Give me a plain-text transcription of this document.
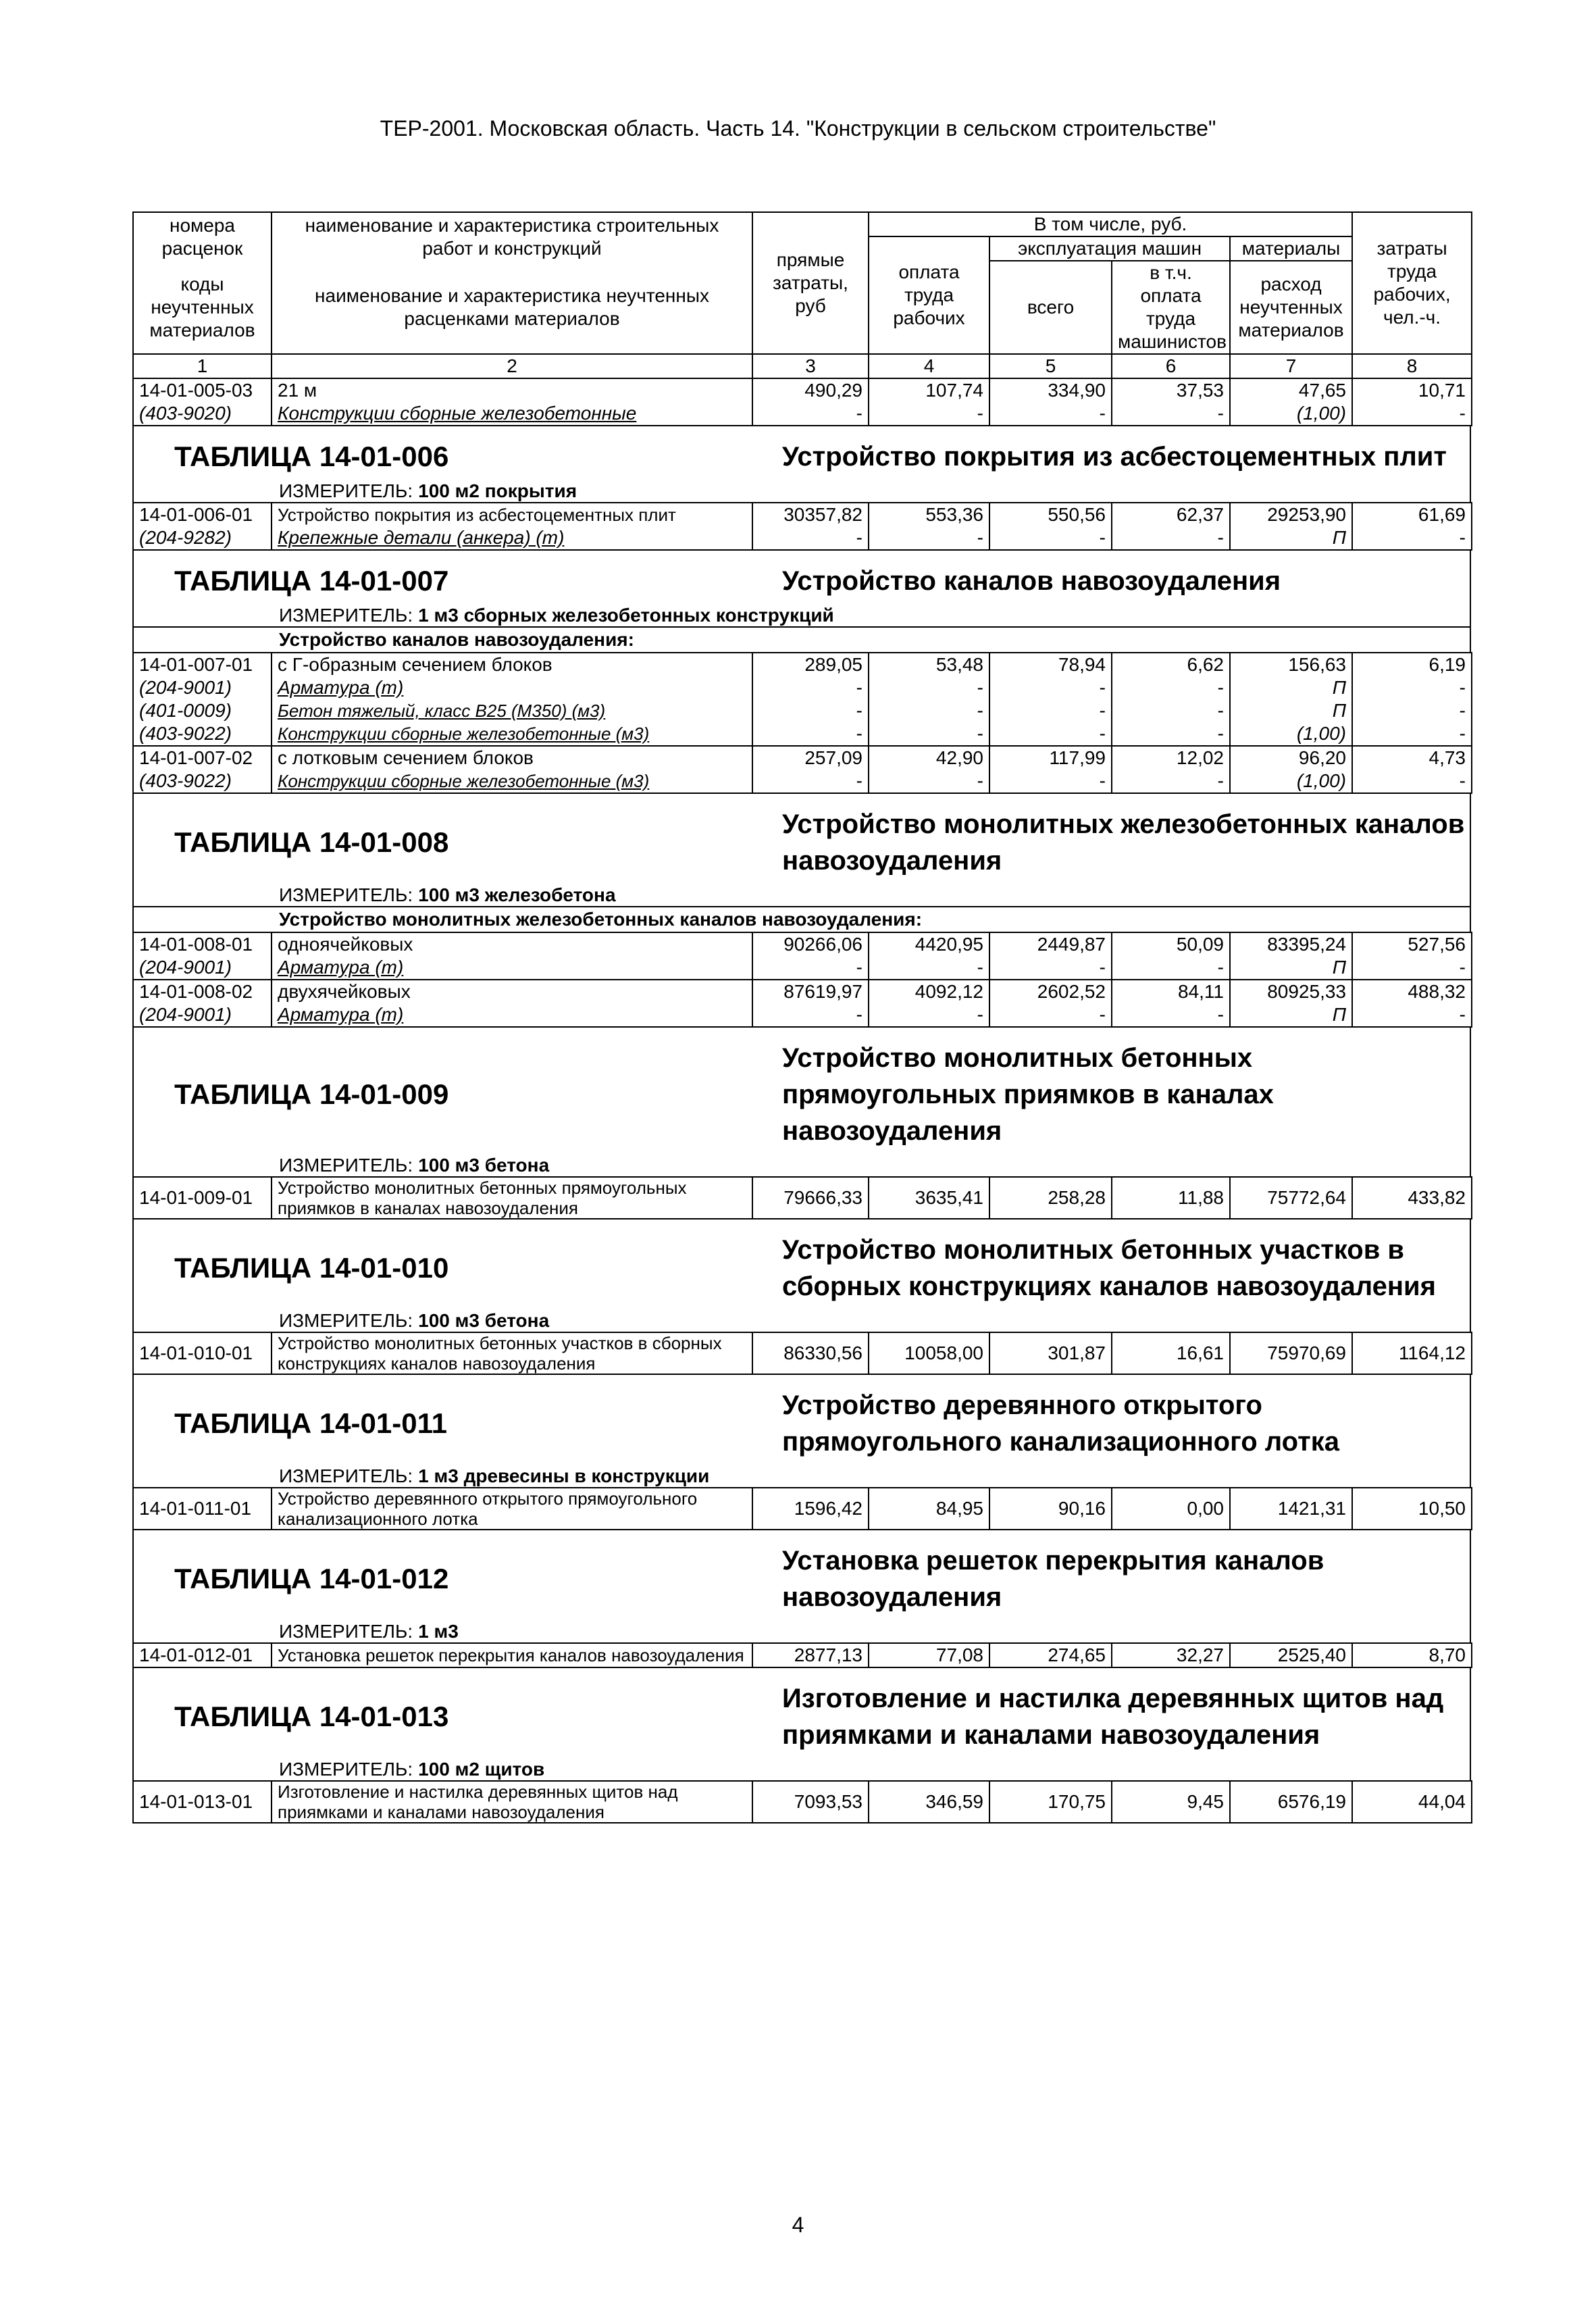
ТЕР-2001. Московская область. Часть 14. "Конструкции в сельском строительстве"
номера расценок	наименование и характеристика строительных работ и конструкций	прямые затраты, руб	В том числе, руб.				затраты труда рабочих, чел.-ч.
			оплата труда рабочих	эксплуатация машин		материалы	
коды неучтенных материалов	наименование и характеристика неучтенных расценками материалов			всего	в т.ч. оплата труда машинистов	расход неучтенных материалов	
1	2	3	4	5	6	7	8
14-01-005-03	21 м	490,29	107,74	334,90	37,53	47,65	10,71
(403-9020)	Конструкции сборные железобетонные	-	-	-	-	(1,00)	-
ТАБЛИЦА 14-01-006	Устройство покрытия из асбестоцементных плит
ИЗМЕРИТЕЛЬ: 100 м2 покрытия
14-01-006-01	Устройство покрытия из асбестоцементных плит	30357,82	553,36	550,56	62,37	29253,90	61,69
(204-9282)	Крепежные детали (анкера) (т)	-	-	-	-	П	-
ТАБЛИЦА 14-01-007	Устройство каналов навозоудаления
ИЗМЕРИТЕЛЬ: 1 м3 сборных железобетонных конструкций
Устройство каналов навозоудаления:
14-01-007-01	с Г-образным сечением блоков	289,05	53,48	78,94	6,62	156,63	6,19
(204-9001)	Арматура (т)	-	-	-	-	П	-
(401-0009)	Бетон тяжелый, класс В25 (М350) (м3)	-	-	-	-	П	-
(403-9022)	Конструкции сборные железобетонные (м3)	-	-	-	-	(1,00)	-
14-01-007-02	с лотковым сечением блоков	257,09	42,90	117,99	12,02	96,20	4,73
(403-9022)	Конструкции сборные железобетонные (м3)	-	-	-	-	(1,00)	-
ТАБЛИЦА 14-01-008
Устройство монолитных железобетонных каналов навозоудаления
ИЗМЕРИТЕЛЬ: 100 м3 железобетона
Устройство монолитных железобетонных каналов навозоудаления:
14-01-008-01	одноячейковых	90266,06	4420,95	2449,87	50,09	83395,24	527,56
(204-9001)	Арматура (т)	-	-	-	-	П	-
14-01-008-02	двухячейковых	87619,97	4092,12	2602,52	84,11	80925,33	488,32
(204-9001)	Арматура (т)	-	-	-	-	П	-
ТАБЛИЦА 14-01-009
Устройство монолитных бетонных прямоугольных приямков в каналах навозоудаления
ИЗМЕРИТЕЛЬ: 100 м3 бетона
14-01-009-01	Устройство монолитных бетонных прямоугольных приямков в каналах навозоудаления	79666,33	3635,41	258,28	11,88	75772,64	433,82
ТАБЛИЦА 14-01-010
Устройство монолитных бетонных участков в сборных конструкциях каналов навозоудаления
ИЗМЕРИТЕЛЬ: 100 м3 бетона
14-01-010-01	Устройство монолитных бетонных участков в сборных конструкциях каналов навозоудаления	86330,56	10058,00	301,87	16,61	75970,69	1164,12
ТАБЛИЦА 14-01-011
Устройство деревянного открытого прямоугольного канализационного лотка
ИЗМЕРИТЕЛЬ: 1 м3 древесины в конструкции
14-01-011-01	Устройство деревянного открытого прямоугольного канализационного лотка	1596,42	84,95	90,16	0,00	1421,31	10,50
ТАБЛИЦА 14-01-012
Установка решеток перекрытия каналов навозоудаления
ИЗМЕРИТЕЛЬ: 1 м3
14-01-012-01	Установка решеток перекрытия каналов навозоудаления	2877,13	77,08	274,65	32,27	2525,40	8,70
ТАБЛИЦА 14-01-013
Изготовление и настилка деревянных щитов над приямками и каналами навозоудаления
ИЗМЕРИТЕЛЬ: 100 м2 щитов
14-01-013-01	Изготовление и настилка деревянных щитов над приямками и каналами навозоудаления	7093,53	346,59	170,75	9,45	6576,19	44,04
4
